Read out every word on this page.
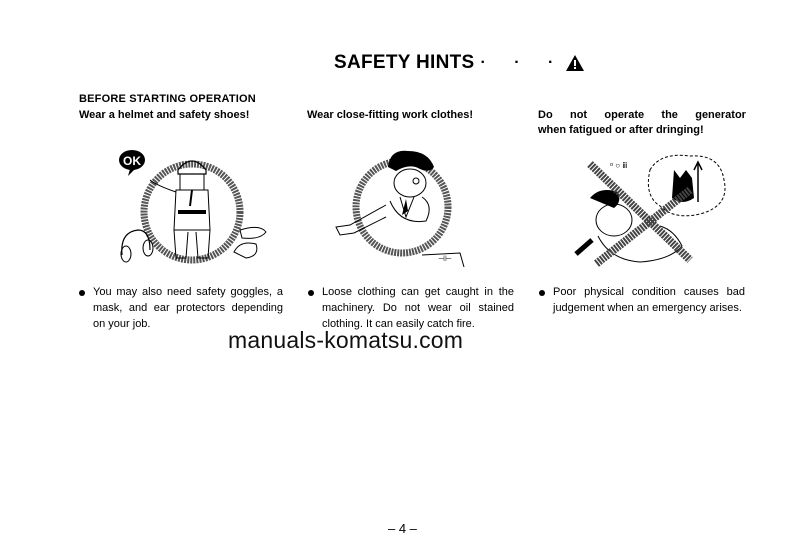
SAFETY HINTS · · ·
BEFORE STARTING OPERATION
Wear a helmet and safety shoes!	Wear close-fitting work clothes!	Do not operate the generator
when fatigued or after dringing!
OK
⊣⊢
ᵒ ○ ⅲ
You may also need safety goggles, a mask, and ear protectors depending on your job.
Loose clothing can get caught in the machinery. Do not wear oil stained clothing. It can easily catch fire.
Poor physical condition causes bad judgement when an emergency arises.
manuals-komatsu.com
– 4 –
